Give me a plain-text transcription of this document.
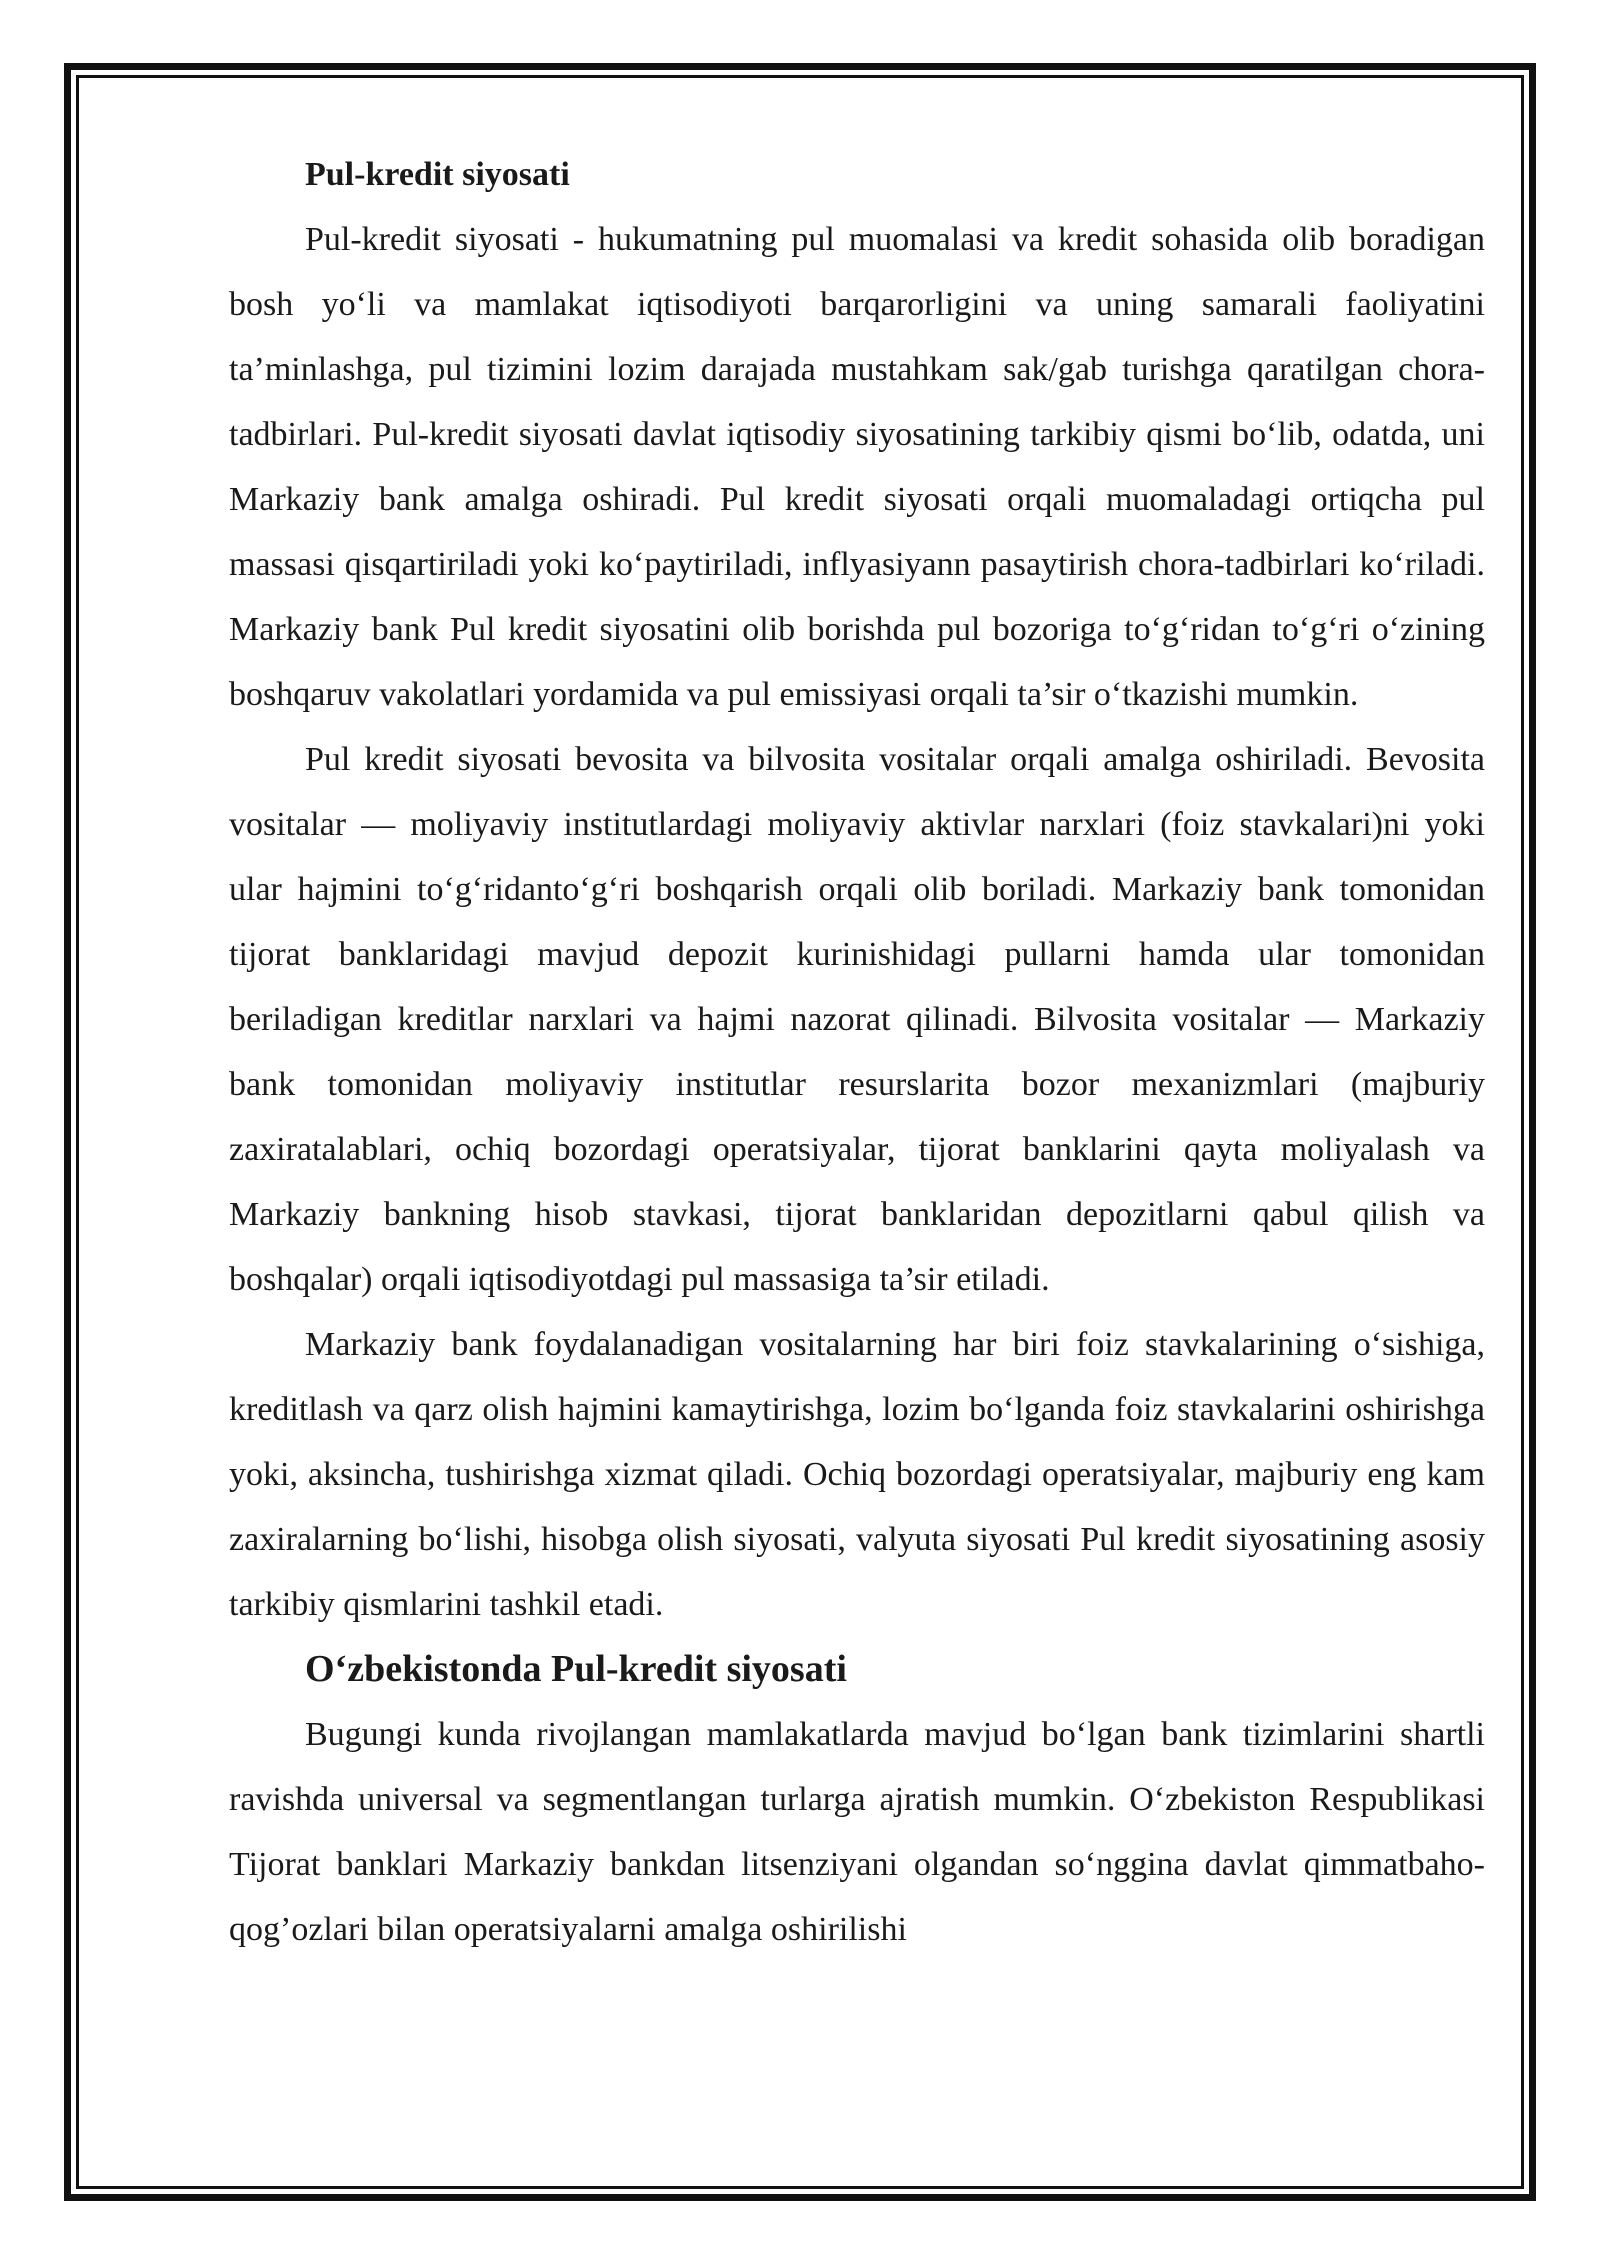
Pul-kredit siyosati

Pul-kredit siyosati - hukumatning pul muomalasi va kredit sohasida olib boradigan bosh yo‘li va mamlakat iqtisodiyoti barqarorligini va uning samarali faoliyatini ta’minlashga, pul tizimini lozim darajada mustahkam sak/gab turishga qaratilgan chora-tadbirlari. Pul-kredit siyosati davlat iqtisodiy siyosatining tarkibiy qismi bo‘lib, odatda, uni Markaziy bank amalga oshiradi. Pul kredit siyosati orqali muomaladagi ortiqcha pul massasi qisqartiriladi yoki ko‘paytiriladi, inflyasiyann pasaytirish chora-tadbirlari ko‘riladi. Markaziy bank Pul kredit siyosatini olib borishda pul bozoriga to‘g‘ridan to‘g‘ri o‘zining boshqaruv vakolatlari yordamida va pul emissiyasi orqali ta’sir o‘tkazishi mumkin.

Pul kredit siyosati bevosita va bilvosita vositalar orqali amalga oshiriladi. Bevosita vositalar — moliyaviy institutlardagi moliyaviy aktivlar narxlari (foiz stavkalari)ni yoki ular hajmini to‘g‘ridanto‘g‘ri boshqarish orqali olib boriladi. Markaziy bank tomonidan tijorat banklaridagi mavjud depozit kurinishidagi pullarni hamda ular tomonidan beriladigan kreditlar narxlari va hajmi nazorat qilinadi. Bilvosita vositalar — Markaziy bank tomonidan moliyaviy institutlar resurslarita bozor mexanizmlari (majburiy zaxiratalablari, ochiq bozordagi operatsiyalar, tijorat banklarini qayta moliyalash va Markaziy bankning hisob stavkasi, tijorat banklaridan depozitlarni qabul qilish va boshqalar) orqali iqtisodiyotdagi pul massasiga ta’sir etiladi.

Markaziy bank foydalanadigan vositalarning har biri foiz stavkalarining o‘sishiga, kreditlash va qarz olish hajmini kamaytirishga, lozim bo‘lganda foiz stavkalarini oshirishga yoki, aksincha, tushirishga xizmat qiladi. Ochiq bozordagi operatsiyalar, majburiy eng kam zaxiralarning bo‘lishi, hisobga olish siyosati, valyuta siyosati Pul kredit siyosatining asosiy tarkibiy qismlarini tashkil etadi.

O‘zbekistonda Pul-kredit siyosati

Bugungi kunda rivojlangan mamlakatlarda mavjud bo‘lgan bank tizimlarini shartli ravishda universal va segmentlangan turlarga ajratish mumkin. O‘zbekiston Respublikasi Tijorat banklari Markaziy bankdan litsenziyani olgandan so‘nggina davlat qimmatbaho-qog’ozlari bilan operatsiyalarni amalga oshirilishi
